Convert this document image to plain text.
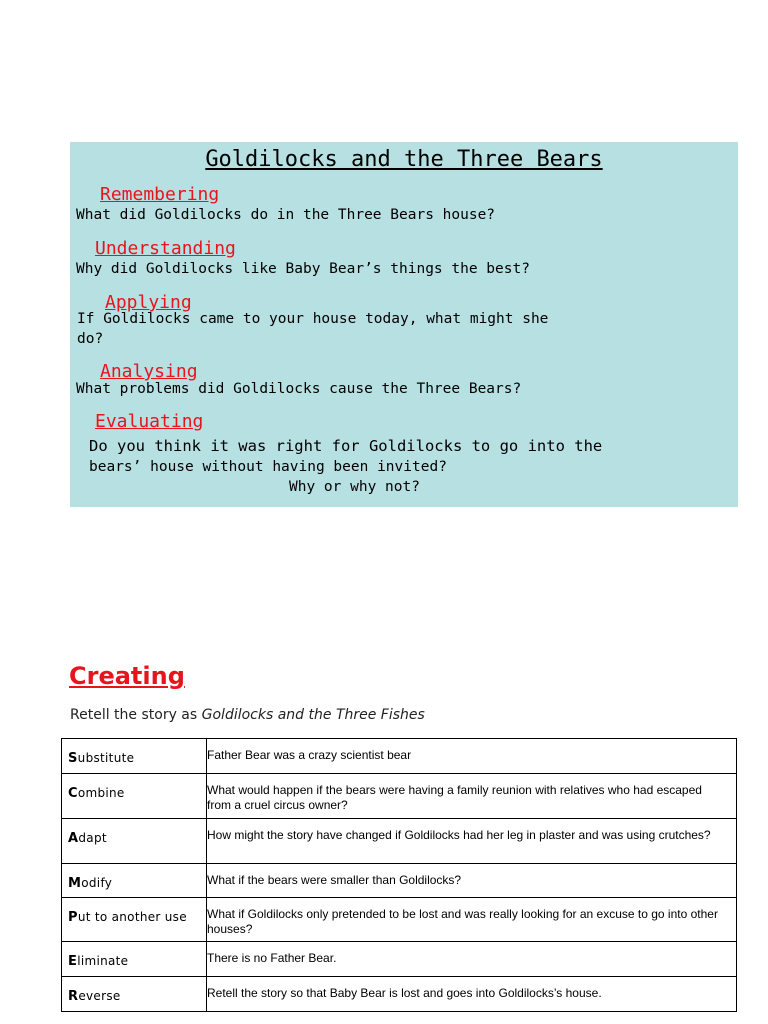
Goldilocks and the Three Bears
Remembering
What did Goldilocks do in the Three Bears house?
Understanding
Why did Goldilocks like Baby Bear’s things the best?
Applying
If Goldilocks came to your house today, what might she
do?
Analysing
What problems did Goldilocks cause the Three Bears?
Evaluating
Do you think it was right for Goldilocks to go into the
bears’ house without having been invited?
Why or why not?
Creating
Retell the story as Goldilocks and the Three Fishes
Substitute	Father Bear was a crazy scientist bear
Combine	What would happen if the bears were having a family reunion with relatives who had escaped from a cruel circus owner?
Adapt	How might the story have changed if Goldilocks had her leg in plaster and was using crutches?
Modify	What if the bears were smaller than Goldilocks?
Put to another use	What if Goldilocks only pretended to be lost and was really looking for an excuse to go into other houses?
Eliminate	There is no Father Bear.
Reverse	Retell the story so that Baby Bear is lost and goes into Goldilocks’s house.
